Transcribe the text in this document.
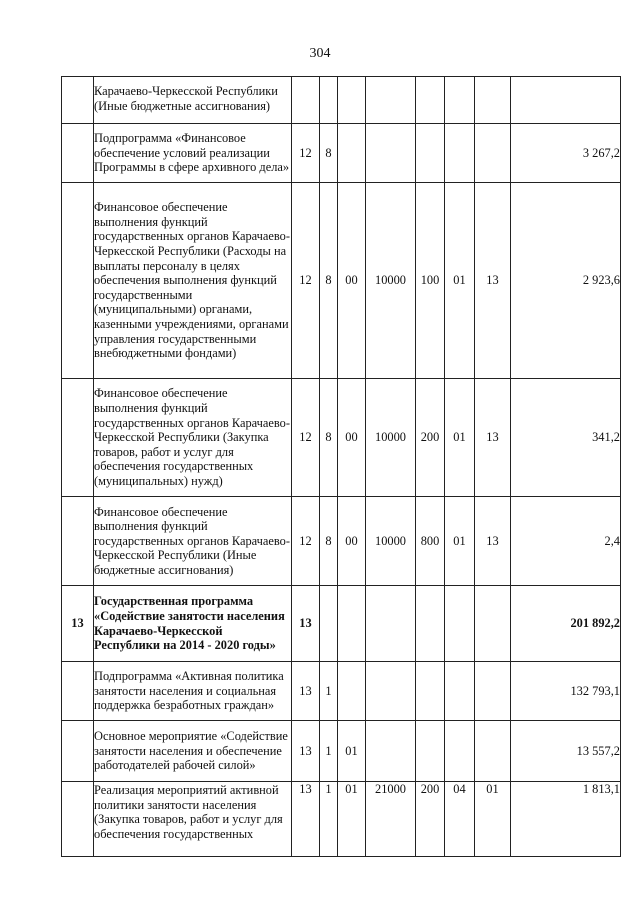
304

	Карачаево-Черкесской Республики (Иные бюджетные ассигнования)								

	Подпрограмма «Финансовое обеспечение условий реализации Программы в сфере архивного дела»	12	8						3 267,2

	Финансовое обеспечение выполнения функций государственных органов Карачаево-Черкесской Республики (Расходы на выплаты персоналу в целях обеспечения выполнения функций государственными (муниципальными) органами, казенными учреждениями, органами управления государственными внебюджетными фондами)	12	8	00	10000	100	01	13	2 923,6

	Финансовое обеспечение выполнения функций государственных органов Карачаево-Черкесской Республики (Закупка товаров, работ и услуг для обеспечения государственных (муниципальных) нужд)	12	8	00	10000	200	01	13	341,2

	Финансовое обеспечение выполнения функций государственных органов Карачаево-Черкесской Республики (Иные бюджетные ассигнования)	12	8	00	10000	800	01	13	2,4
13	Государственная программа «Содействие занятости населения Карачаево-Черкесской Республики на 2014 - 2020 годы»	13							201 892,2

	Подпрограмма «Активная политика занятости населения и социальная поддержка безработных граждан»	13	1						132 793,1

	Основное мероприятие «Содействие занятости населения и обеспечение работодателей рабочей силой»	13	1	01					13 557,2

	Реализация мероприятий активной политики занятости населения (Закупка товаров, работ и услуг для обеспечения государственных	13	1	01	21000	200	04	01	1 813,1
